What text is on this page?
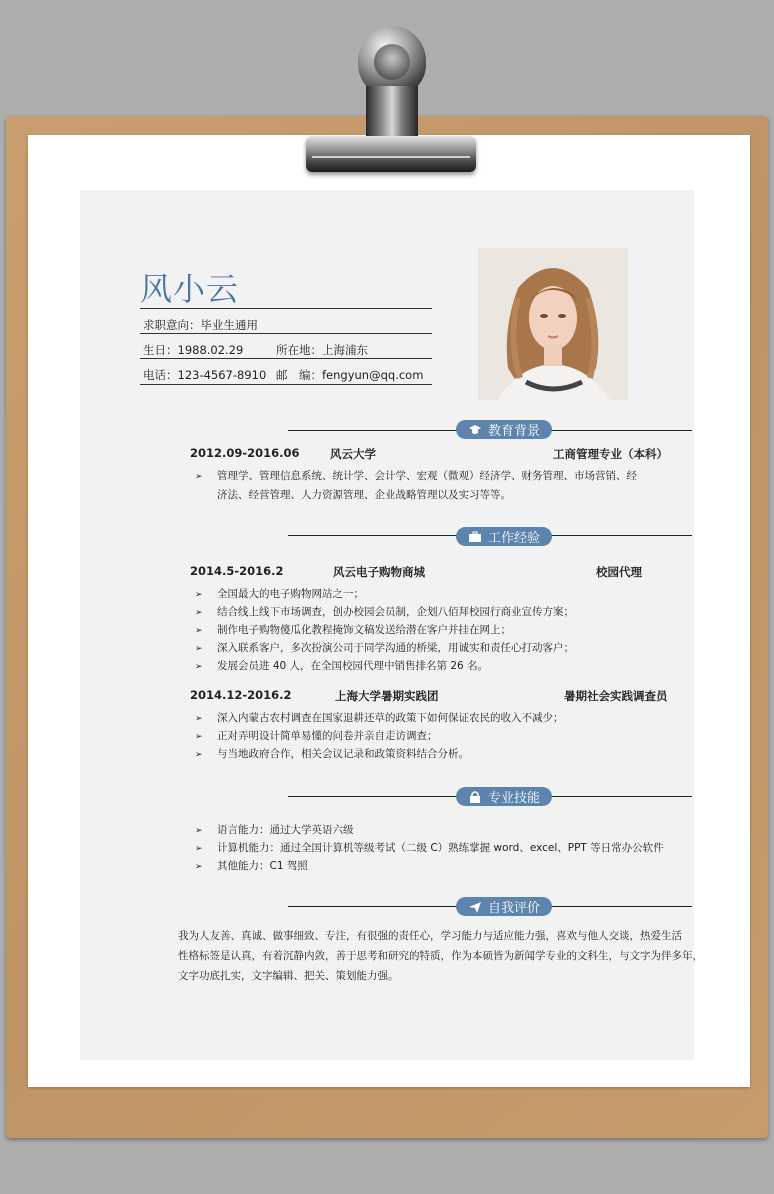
风小云
求职意向：毕业生通用
生日：1988.02.29	所在地：上海浦东
电话：123-4567-8910 邮　编：fengyun@qq.com
教育背景
2012.09-2016.06	风云大学	工商管理专业（本科）
➢ 管理学、管理信息系统、统计学、会计学、宏观（微观）经济学、财务管理、市场营销、经
济法、经营管理、人力资源管理、企业战略管理以及实习等等。
工作经验
2014.5-2016.2	风云电子购物商城	校园代理
➢ 全国最大的电子购物网站之一；
➢ 结合线上线下市场调查，创办校园会员制，企划八佰拜校园行商业宣传方案；
➢ 制作电子购物傻瓜化教程掩饰文稿发送给潜在客户并挂在网上；
➢ 深入联系客户，多次扮演公司于同学沟通的桥梁，用诚实和责任心打动客户；
➢ 发展会员进 40 人，在全国校园代理中销售排名第 26 名。
2014.12-2016.2	上海大学暑期实践团	暑期社会实践调查员
➢ 深入内蒙古农村调查在国家退耕还草的政策下如何保证农民的收入不减少；
➢ 正对弄明设计简单易懂的问卷并亲自走访调查；
➢ 与当地政府合作，相关会议记录和政策资料结合分析。
专业技能
➢ 语言能力：通过大学英语六级
➢ 计算机能力：通过全国计算机等级考试（二级 C）熟练掌握 word、excel、PPT 等日常办公软件
➢ 其他能力：C1 驾照
自我评价
我为人友善、真诚、做事细致、专注，有很强的责任心，学习能力与适应能力强，喜欢与他人交谈，热爱生活
性格标签是认真，有着沉静内敛，善于思考和研究的特质，作为本硕皆为新闻学专业的文科生，与文字为伴多年，
文字功底扎实，文字编辑、把关、策划能力强。
